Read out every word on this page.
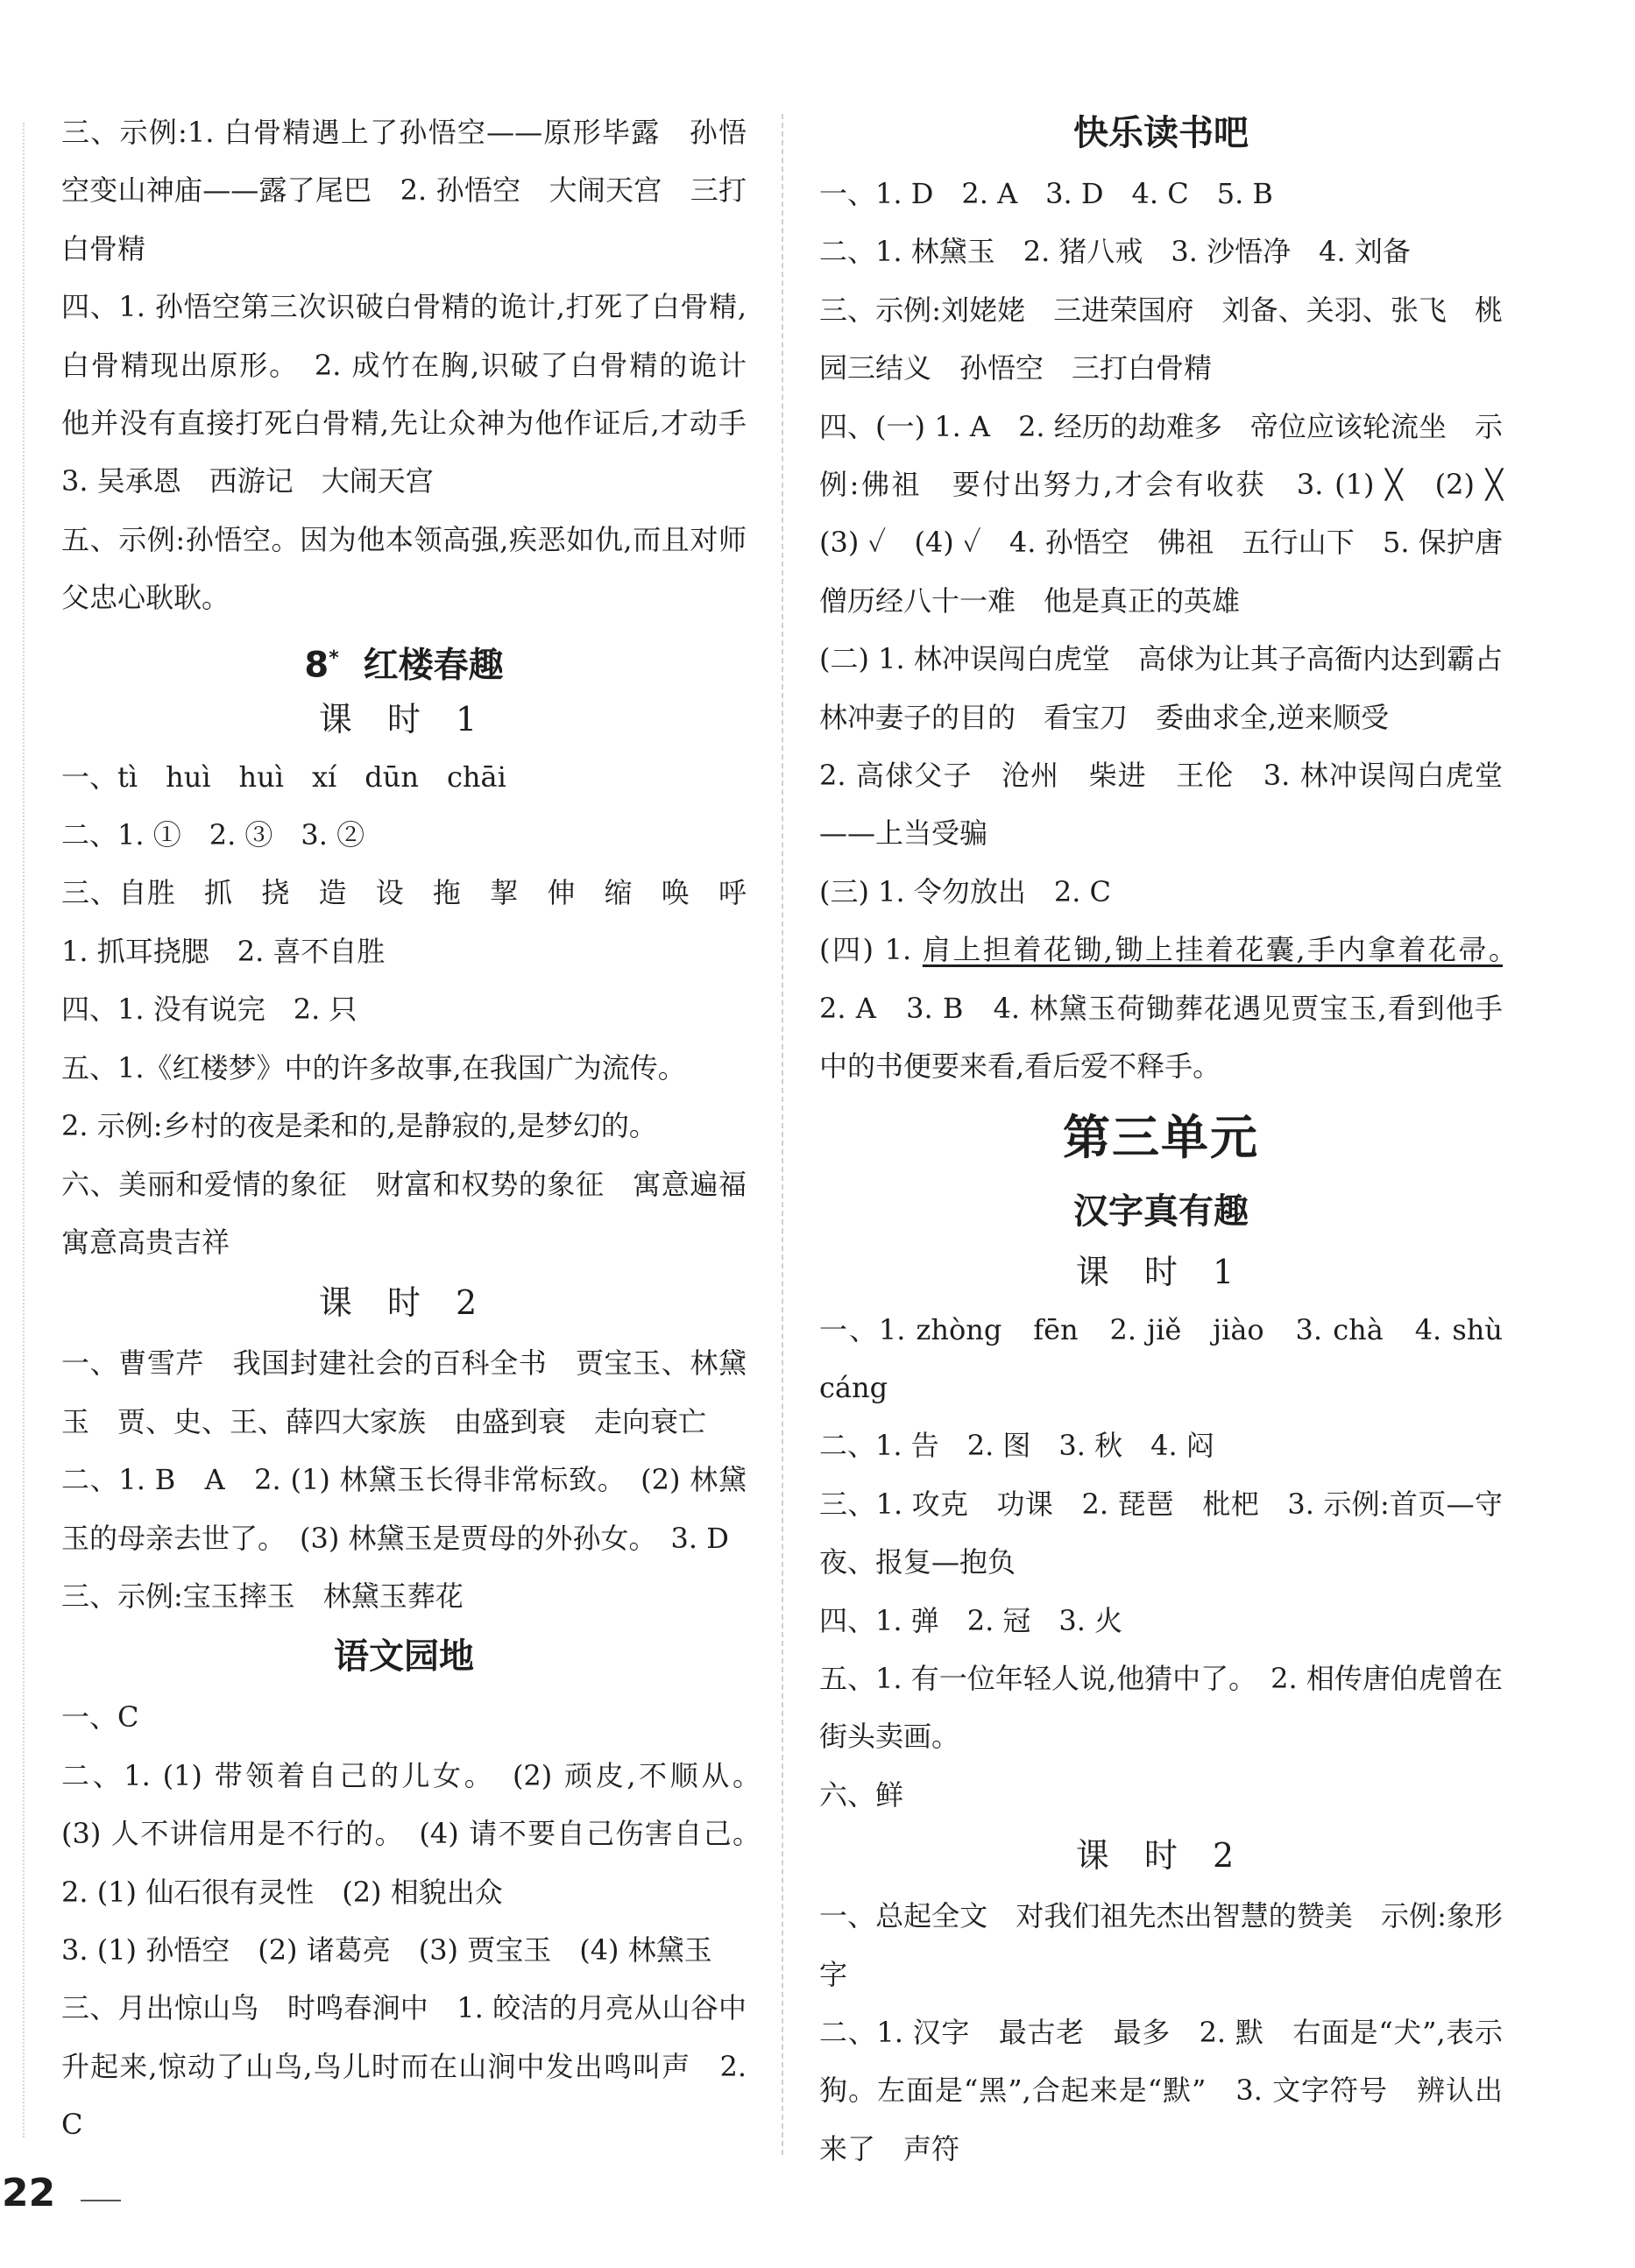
三、示例:1. 白骨精遇上了孙悟空——原形毕露　孙悟空变山神庙——露了尾巴　2. 孙悟空　大闹天宫　三打白骨精

四、1. 孙悟空第三次识破白骨精的诡计,打死了白骨精,白骨精现出原形。　2. 成竹在胸,识破了白骨精的诡计　他并没有直接打死白骨精,先让众神为他作证后,才动手　3. 吴承恩　西游记　大闹天宫

五、示例:孙悟空。因为他本领高强,疾恶如仇,而且对师父忠心耿耿。

8* 红楼春趣
课 时 1

一、tì　huì　huì　xí　dūn　chāi

二、1. ①　2. ③　3. ②

三、自胜　抓　挠　造　设　拖　挈　伸　缩　唤　呼　1. 抓耳挠腮　2. 喜不自胜

四、1. 没有说完　2. 只

五、1.《红楼梦》中的许多故事,在我国广为流传。

2. 示例:乡村的夜是柔和的,是静寂的,是梦幻的。

六、美丽和爱情的象征　财富和权势的象征　寓意遍福　寓意高贵吉祥

课 时 2

一、曹雪芹　我国封建社会的百科全书　贾宝玉、林黛玉　贾、史、王、薛四大家族　由盛到衰　走向衰亡

二、1. B　A　2. (1) 林黛玉长得非常标致。　(2) 林黛玉的母亲去世了。　(3) 林黛玉是贾母的外孙女。　3. D

三、示例:宝玉摔玉　林黛玉葬花

语文园地

一、C

二、1. (1) 带领着自己的儿女。　(2) 顽皮,不顺从。　(3) 人不讲信用是不行的。　(4) 请不要自己伤害自己。　2. (1) 仙石很有灵性　(2) 相貌出众

3. (1) 孙悟空　(2) 诸葛亮　(3) 贾宝玉　(4) 林黛玉

三、月出惊山鸟　时鸣春涧中　1. 皎洁的月亮从山谷中升起来,惊动了山鸟,鸟儿时而在山涧中发出鸣叫声　2. C

快乐读书吧

一、1. D　2. A　3. D　4. C　5. B

二、1. 林黛玉　2. 猪八戒　3. 沙悟净　4. 刘备

三、示例:刘姥姥　三进荣国府　刘备、关羽、张飞　桃园三结义　孙悟空　三打白骨精

四、(一) 1. A　2. 经历的劫难多　帝位应该轮流坐　示例:佛祖　要付出努力,才会有收获　3. (1) ╳　(2) ╳　(3) ✓　(4) ✓　4. 孙悟空　佛祖　五行山下　5. 保护唐僧历经八十一难　他是真正的英雄

(二) 1. 林冲误闯白虎堂　高俅为让其子高衙内达到霸占林冲妻子的目的　看宝刀　委曲求全,逆来顺受

2. 高俅父子　沧州　柴进　王伦　3. 林冲误闯白虎堂——上当受骗

(三) 1. 令勿放出　2. C

(四) 1. 肩上担着花锄,锄上挂着花囊,手内拿着花帚。　2. A　3. B　4. 林黛玉荷锄葬花遇见贾宝玉,看到他手中的书便要来看,看后爱不释手。

第三单元
汉字真有趣
课 时 1

一、1. zhòng　fēn　2. jiě　jiào　3. chà　4. shù　cáng

二、1. 告　2. 图　3. 秋　4. 闷

三、1. 攻克　功课　2. 琵琶　枇杷　3. 示例:首页—守夜、报复—抱负

四、1. 弹　2. 冠　3. 火

五、1. 有一位年轻人说,他猜中了。　2. 相传唐伯虎曾在街头卖画。

六、鲜

课 时 2

一、总起全文　对我们祖先杰出智慧的赞美　示例:象形字

二、1. 汉字　最古老　最多　2. 默　右面是“犬”,表示狗。左面是“黑”,合起来是“默”　3. 文字符号　辨认出来了　声符

22
